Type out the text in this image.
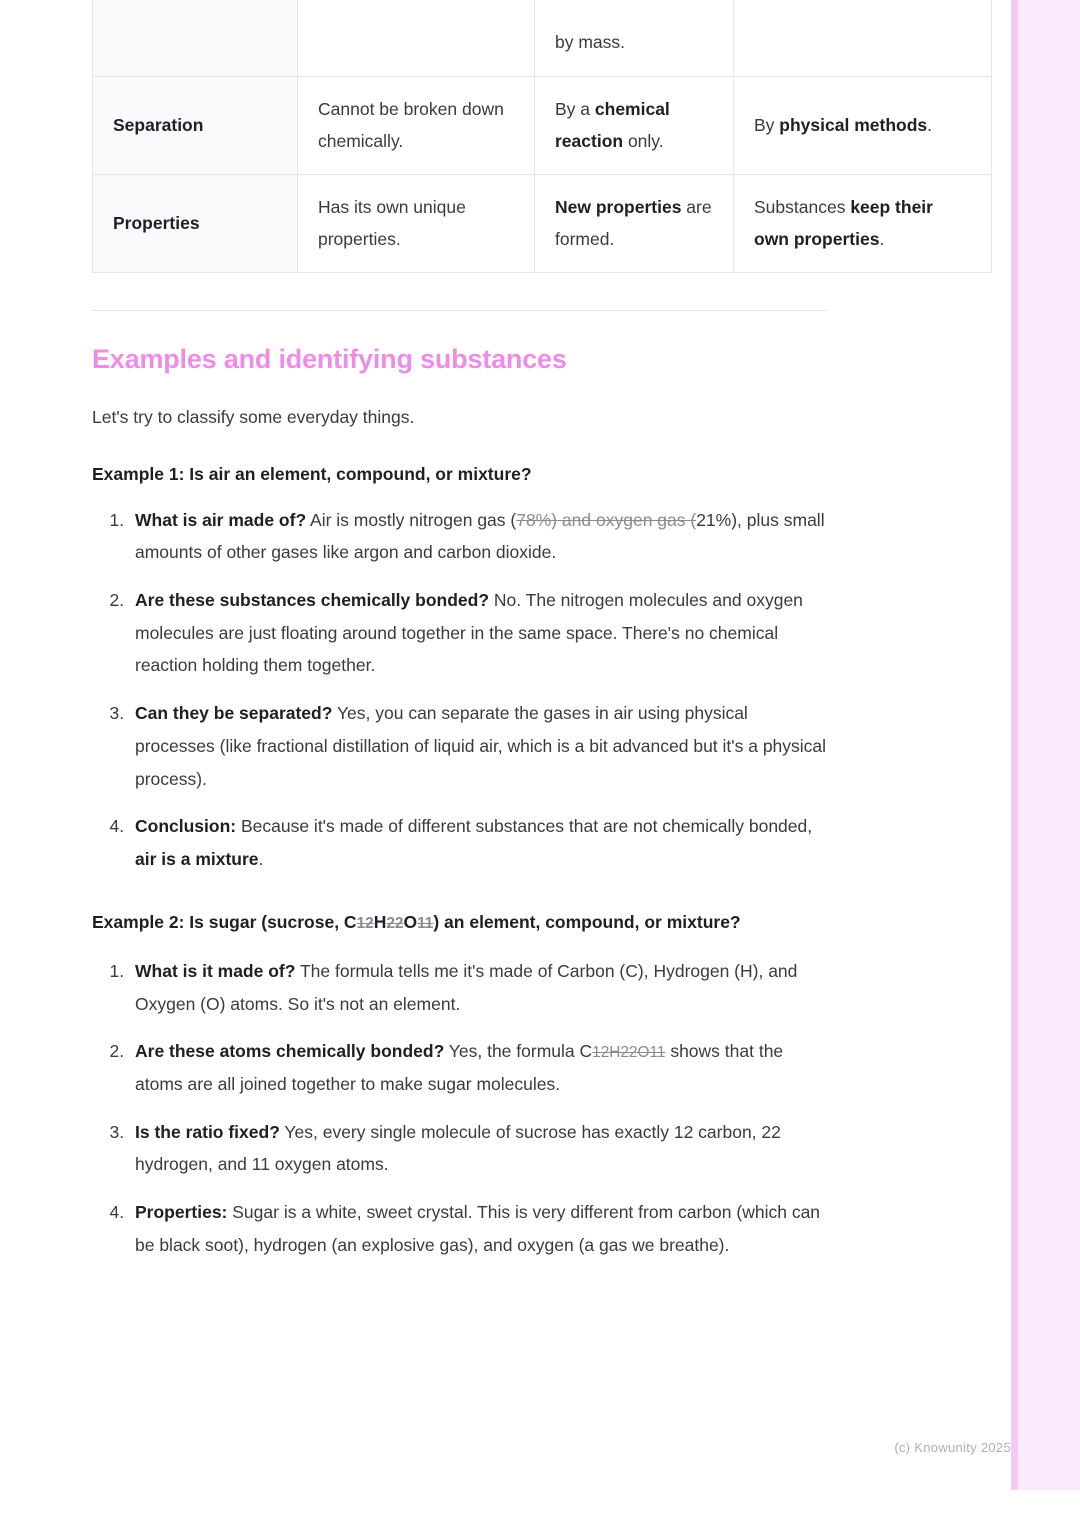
		by mass.	
Separation	Cannot be broken down chemically.	By a chemical reaction only.	By physical methods.
Properties	Has its own unique properties.	New properties are formed.	Substances keep their own properties.
Examples and identifying substances

Let's try to classify some everyday things.

Example 1: Is air an element, compound, or mixture?

1. What is air made of? Air is mostly nitrogen gas (78%) and oxygen gas (21%), plus small amounts of other gases like argon and carbon dioxide.
2. Are these substances chemically bonded? No. The nitrogen molecules and oxygen molecules are just floating around together in the same space. There's no chemical reaction holding them together.
3. Can they be separated? Yes, you can separate the gases in air using physical processes (like fractional distillation of liquid air, which is a bit advanced but it's a physical process).
4. Conclusion: Because it's made of different substances that are not chemically bonded, air is a mixture.

Example 2: Is sugar (sucrose, C12H22O11) an element, compound, or mixture?

1. What is it made of? The formula tells me it's made of Carbon (C), Hydrogen (H), and Oxygen (O) atoms. So it's not an element.
2. Are these atoms chemically bonded? Yes, the formula C12H22O11 shows that the atoms are all joined together to make sugar molecules.
3. Is the ratio fixed? Yes, every single molecule of sucrose has exactly 12 carbon, 22 hydrogen, and 11 oxygen atoms.
4. Properties: Sugar is a white, sweet crystal. This is very different from carbon (which can be black soot), hydrogen (an explosive gas), and oxygen (a gas we breathe).
(c) Knowunity 2025
